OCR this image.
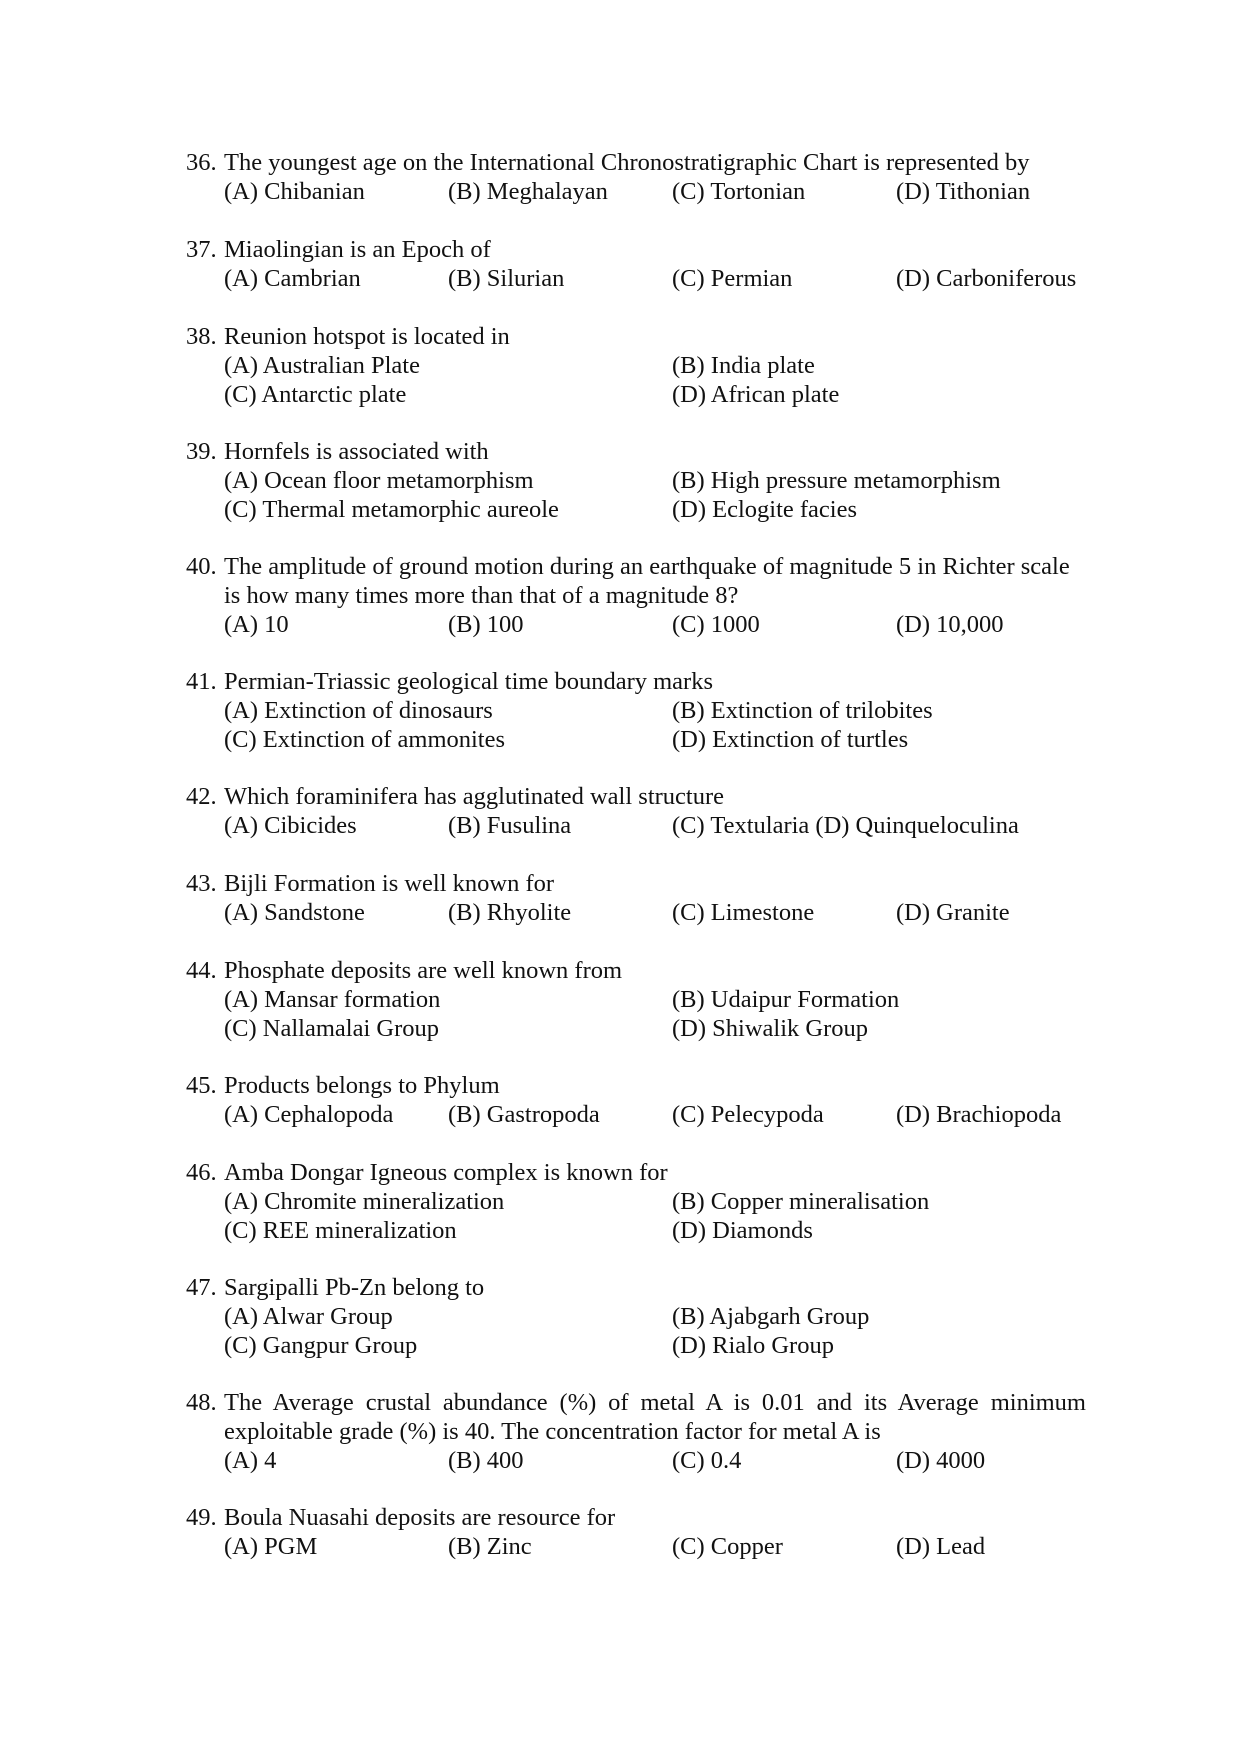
36. The youngest age on the International Chronostratigraphic Chart is represented by
(A) Chibanian	(B) Meghalayan	(C) Tortonian	(D) Tithonian
37. Miaolingian is an Epoch of
(A) Cambrian	(B) Silurian	(C) Permian	(D) Carboniferous
38. Reunion hotspot is located in
(A) Australian Plate	(B) India plate
(C) Antarctic plate	(D) African plate
39. Hornfels is associated with
(A) Ocean floor metamorphism	(B) High pressure metamorphism
(C) Thermal metamorphic aureole	(D) Eclogite facies
40. The amplitude of ground motion during an earthquake of magnitude 5 in Richter scale
is how many times more than that of a magnitude 8?
(A) 10	(B) 100	(C) 1000	(D) 10,000
41. Permian-Triassic geological time boundary marks
(A) Extinction of dinosaurs	(B) Extinction of trilobites
(C) Extinction of ammonites	(D) Extinction of turtles
42. Which foraminifera has agglutinated wall structure
(A) Cibicides	(B) Fusulina	(C) Textularia (D) Quinqueloculina
43. Bijli Formation is well known for
(A) Sandstone	(B) Rhyolite	(C) Limestone	(D) Granite
44. Phosphate deposits are well known from
(A) Mansar formation	(B) Udaipur Formation
(C) Nallamalai Group	(D) Shiwalik Group
45. Products belongs to Phylum
(A) Cephalopoda (B) Gastropoda	(C) Pelecypoda	(D) Brachiopoda
46. Amba Dongar Igneous complex is known for
(A) Chromite mineralization	(B) Copper mineralisation
(C) REE mineralization	(D) Diamonds
47. Sargipalli Pb-Zn belong to
(A) Alwar Group	(B) Ajabgarh Group
(C) Gangpur Group	(D) Rialo Group
48. The Average crustal abundance (%) of metal A is 0.01 and its Average minimum
exploitable grade (%) is 40. The concentration factor for metal A is
(A) 4	(B) 400	(C) 0.4	(D) 4000
49. Boula Nuasahi deposits are resource for
(A) PGM	(B) Zinc	(C) Copper	(D) Lead
